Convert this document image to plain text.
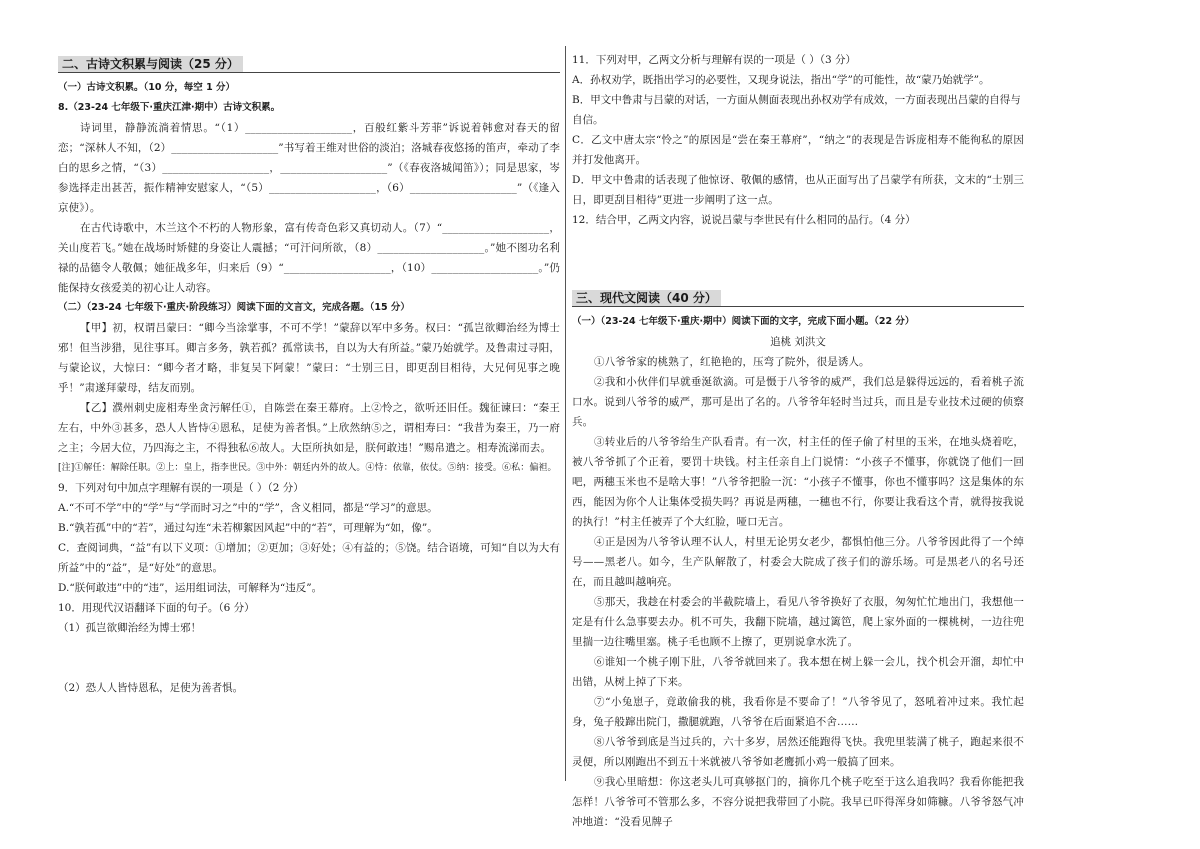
二、古诗文积累与阅读（25 分）
（一）古诗文积累。（10 分，每空 1 分）
8.（23-24 七年级下·重庆江津·期中）古诗文积累。
诗词里，静静流淌着情思。“（1）____________________，百般红紫斗芳菲”诉说着韩愈对春天的留恋；“深林人不知，（2）____________________”书写着王维对世俗的淡泊；洛城春夜悠扬的笛声，牵动了李白的思乡之情，“（3）____________________，____________________”（《春夜洛城闻笛》）；同是思家，岑参选择走出甚苦，振作精神安慰家人，“（5）____________________，（6）____________________”（《逢入京使》）。
在古代诗歌中，木兰这个不朽的人物形象，富有传奇色彩又真切动人。（7）“____________________，关山度若飞。”她在战场时矫健的身姿让人震撼；“可汗问所欲，（8）____________________。”她不图功名利禄的品德令人敬佩；她征战多年，归来后（9）“____________________，（10）____________________。”仍能保持女孩爱美的初心让人动容。
（二）（23-24 七年级下·重庆·阶段练习）阅读下面的文言文，完成各题。（15 分）
【甲】初，权谓吕蒙曰：“卿今当涂掌事，不可不学！”蒙辞以军中多务。权曰：“孤岂欲卿治经为博士邪！但当涉猎，见往事耳。卿言多务，孰若孤？孤常读书，自以为大有所益。”蒙乃始就学。及鲁肃过寻阳，与蒙论议，大惊曰：“卿今者才略，非复吴下阿蒙！”蒙曰：“士别三日，即更刮目相待，大兄何见事之晚乎！”肃遂拜蒙母，结友而别。
【乙】濮州刺史庞相寿坐贪污解任①，自陈尝在秦王幕府。上②怜之，欲听还旧任。魏征谏曰：“秦王左右，中外③甚多，恐人人皆恃④恩私，足使为善者惧。”上欣然纳⑤之，谓相寿曰：“我昔为秦王，乃一府之主；今居大位，乃四海之主，不得独私⑥故人。大臣所执如是，朕何敢违！”赐帛遣之。相寿流涕而去。
[注]①解任：解除任职。②上：皇上，指李世民。③中外：朝廷内外的故人。④恃：依靠，依仗。⑤纳：接受。⑥私：偏袒。
9．下列对句中加点字理解有误的一项是（ ）（2 分）
A.“不可不学”中的“学”与“学而时习之”中的“学”，含义相同，都是“学习”的意思。
B.“孰若孤”中的“若”，通过勾连“未若柳絮因风起”中的“若”，可理解为“如，像”。
C．查阅词典，“益”有以下义项：①增加；②更加；③好处；④有益的；⑤饶。结合语境，可知“自以为大有所益”中的“益”，是“好处”的意思。
D.“朕何敢违”中的“违”，运用组词法，可解释为“违反”。
10．用现代汉语翻译下面的句子。（6 分）
（1）孤岂欲卿治经为博士邪！
（2）恐人人皆恃恩私，足使为善者惧。
11．下列对甲，乙两文分析与理解有误的一项是（ ）（3 分）
A．孙权劝学，既指出学习的必要性，又现身说法，指出“学”的可能性，故“蒙乃始就学”。
B．甲文中鲁肃与吕蒙的对话，一方面从侧面表现出孙权劝学有成效，一方面表现出吕蒙的自得与自信。
C．乙文中唐太宗“怜之”的原因是“尝在秦王幕府”，“纳之”的表现是告诉庞相寿不能徇私的原因并打发他离开。
D．甲文中鲁肃的话表现了他惊讶、敬佩的感情，也从正面写出了吕蒙学有所获，文末的“士别三日，即更刮目相待”更进一步阐明了这一点。
12．结合甲，乙两文内容，说说吕蒙与李世民有什么相同的品行。（4 分）
三、现代文阅读（40 分）
（一）（23-24 七年级下·重庆·期中）阅读下面的文字，完成下面小题。（22 分）
追桃 刘洪文
①八爷爷家的桃熟了，红艳艳的，压弯了院外，很是诱人。
②我和小伙伴们早就垂涎欲滴。可是慑于八爷爷的威严，我们总是躲得远远的，看着桃子流口水。说到八爷爷的威严，那可是出了名的。八爷爷年轻时当过兵，而且是专业技术过硬的侦察兵。
③转业后的八爷爷给生产队看青。有一次，村主任的侄子偷了村里的玉米，在地头烧着吃，被八爷爷抓了个正着，要罚十块钱。村主任亲自上门说情：“小孩子不懂事，你就饶了他们一回吧，两穗玉米也不是啥大事！”八爷爷把脸一沉：“小孩子不懂事，你也不懂事吗？这是集体的东西，能因为你个人让集体受损失吗？再说是两穗，一穗也不行，你要让我看这个青，就得按我说的执行！”村主任被弄了个大红脸，哑口无言。
④正是因为八爷爷认理不认人，村里无论男女老少，都惧怕他三分。八爷爷因此得了一个绰号——黑老八。如今，生产队解散了，村委会大院成了孩子们的游乐场。可是黑老八的名号还在，而且越叫越响亮。
⑤那天，我趁在村委会的半截院墙上，看见八爷爷换好了衣服，匆匆忙忙地出门，我想他一定是有什么急事要去办。机不可失，我翻下院墙，越过篱笆，爬上家外面的一棵桃树，一边往兜里揣一边往嘴里塞。桃子毛也顾不上擦了，更别说拿水洗了。
⑥谁知一个桃子刚下肚，八爷爷就回来了。我本想在树上躲一会儿，找个机会开溜，却忙中出错，从树上掉了下来。
⑦“小兔崽子，竟敢偷我的桃，我看你是不要命了！”八爷爷见了，怒吼着冲过来。我忙起身，兔子般蹿出院门，撒腿就跑，八爷爷在后面紧追不舍……
⑧八爷爷到底是当过兵的，六十多岁，居然还能跑得飞快。我兜里装满了桃子，跑起来很不灵便，所以刚跑出不到五十米就被八爷爷如老鹰抓小鸡一般搞了回来。
⑨我心里暗想：你这老头儿可真够抠门的，摘你几个桃子吃至于这么追我吗？我看你能把我怎样！八爷爷可不管那么多，不容分说把我带回了小院。我早已吓得浑身如筛糠。八爷爷怒气冲冲地道：“没看见牌子
